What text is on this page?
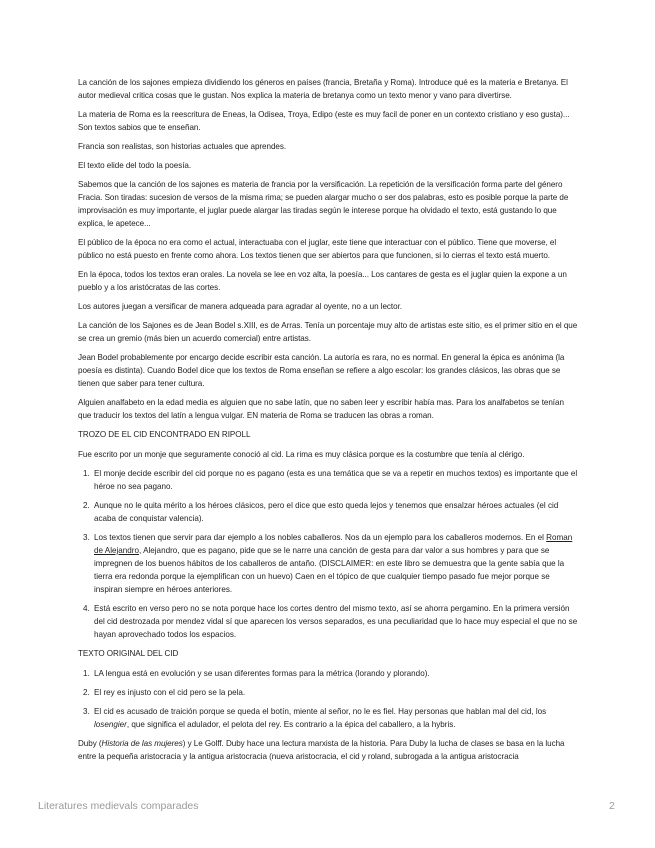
La canción de los sajones empieza dividiendo los géneros en países (francia, Bretaña y Roma). Introduce qué es la materia e Bretanya. El autor medieval critica cosas que le gustan. Nos explica la materia de bretanya como un texto menor y vano para divertirse.

La materia de Roma es la reescritura de Eneas, la Odisea, Troya, Edipo (este es muy facil de poner en un contexto cristiano y eso gusta)... Son textos sabios que te enseñan.

Francia son realistas, son historias actuales que aprendes.

El texto elide del todo la poesía.

Sabemos que la canción de los sajones es materia de francia por la versificación. La repetición de la versificación forma parte del género Fracia. Son tiradas: sucesion de versos de la misma rima; se pueden alargar mucho o ser dos palabras, esto es posible porque la parte de improvisación es muy importante, el juglar puede alargar las tiradas según le interese porque ha olvidado el texto, está gustando lo que explica, le apetece...

El público de la época no era como el actual, interactuaba con el juglar, este tiene que interactuar con el público. Tiene que moverse, el público no está puesto en frente como ahora. Los textos tienen que ser abiertos para que funcionen, si lo cierras el texto está muerto.

En la época, todos los textos eran orales. La novela se lee en voz alta, la poesía... Los cantares de gesta es el juglar quien la expone a un pueblo y a los aristócratas de las cortes.

Los autores juegan a versificar de manera adqueada para agradar al oyente, no a un lector.

La canción de los Sajones es de Jean Bodel s.XIII, es de Arras. Tenía un porcentaje muy alto de artistas este sitio, es el primer sitio en el que se crea un gremio (más bien un acuerdo comercial) entre artistas.

Jean Bodel probablemente por encargo decide escribir esta canción. La autoría es rara, no es normal. En general la épica es anónima (la poesía es distinta). Cuando Bodel dice que los textos de Roma enseñan se refiere a algo escolar: los grandes clásicos, las obras que se tienen que saber para tener cultura.

Alguien analfabeto en la edad media es alguien que no sabe latín, que no saben leer y escribir había mas. Para los analfabetos se tenían que traducir los textos del latín a lengua vulgar. EN materia de Roma se traducen las obras a roman.

TROZO DE EL CID ENCONTRADO EN RIPOLL

Fue escrito por un monje que seguramente conoció al cid. La rima es muy clásica porque es la costumbre que tenía al clérigo.

1. El monje decide escribir del cid porque no es pagano (esta es una temática que se va a repetir en muchos textos) es importante que el héroe no sea pagano.
2. Aunque no le quita mérito a los héroes clásicos, pero el dice que esto queda lejos y tenemos que ensalzar héroes actuales (el cid acaba de conquistar valencia).
3. Los textos tienen que servir para dar ejemplo a los nobles caballeros. Nos da un ejemplo para los caballeros modernos. En el Roman de Alejandro, Alejandro, que es pagano, pide que se le narre una canción de gesta para dar valor a sus hombres y para que se impregnen de los buenos hábitos de los caballeros de antaño. (DISCLAIMER: en este libro se demuestra que la gente sabía que la tierra era redonda porque la ejemplifican con un huevo) Caen en el tópico de que cualquier tiempo pasado fue mejor porque se inspiran siempre en héroes anteriores.
4. Está escrito en verso pero no se nota porque hace los cortes dentro del mismo texto, así se ahorra pergamino. En la primera versión del cid destrozada por mendez vidal sí que aparecen los versos separados, es una peculiaridad que lo hace muy especial el que no se hayan aprovechado todos los espacios.

TEXTO ORIGINAL DEL CID

1. LA lengua está en evolución y se usan diferentes formas para la métrica (lorando y plorando).
2. El rey es injusto con el cid pero se la pela.
3. El cid es acusado de traición porque se queda el botín, miente al señor, no le es fiel. Hay personas que hablan mal del cid, los losengier, que significa el adulador, el pelota del rey. Es contrario a la épica del caballero, a la hybris.

Duby (Historia de las mujeres) y Le Golff. Duby hace una lectura marxista de la historia. Para Duby la lucha de clases se basa en la lucha entre la pequeña aristocracia y la antigua aristocracia (nueva aristocracia, el cid y roland, subrogada a la antigua aristocracia

Literatures medievals comparades	2
